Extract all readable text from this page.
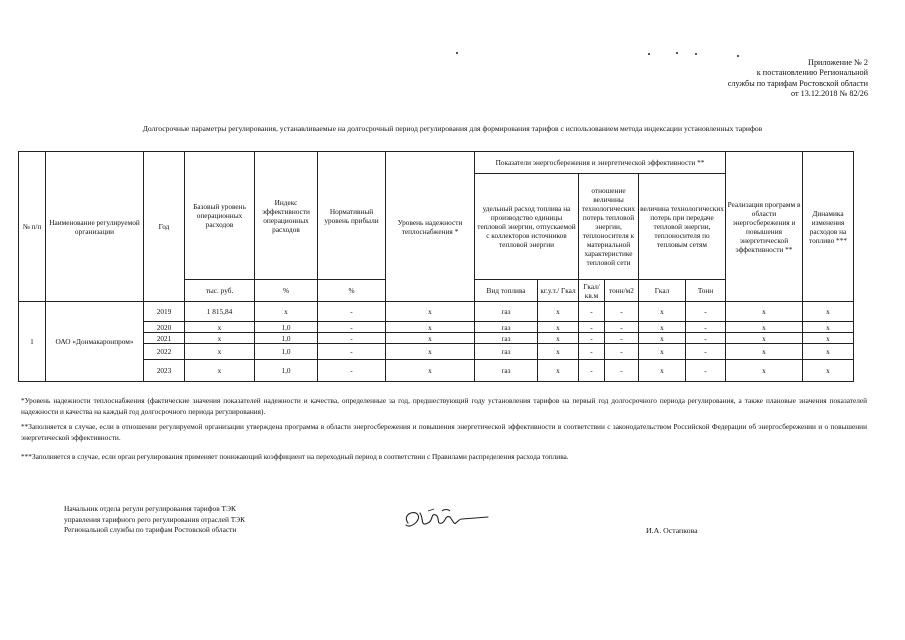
Приложение № 2
к постановлению Региональной
службы по тарифам Ростовской области
от 13.12.2018 № 82/26
Долгосрочные параметры регулирования, устанавливаемые на долгосрочный период регулирования для формирования тарифов с использованием метода индексации установленных тарифов
№ п/п	Наименование регулируемой организации	Год	Базовый уровень операционных расходов	Индекс эффективности операционных расходов	Нормативный уровень прибыли	Уровень надежности теплоснабжения *	Показатели энергосбережения и энергетической эффективности **						Реализация программ в области энергосбережения и повышения энергетической эффективности **	Динамика изменения расходов на топливо ***
							удельный расход топлива на производство единицы тепловой энергии, отпускаемой с коллекторов источников тепловой энергии		отношение величины технологических потерь тепловой энергии, теплоносителя к материальной характеристике тепловой сети		величина технологических потерь при передаче тепловой энергии, теплоносителя по тепловым сетям			
			тыс. руб.	%	%		Вид топлива	кг.у.т./ Гкал	Гкал/ кв.м	тонн/м2	Гкал	Тонн		
1	ОАО «Донмакаронпром»	2019	1 815,84	х	-	х	газ	х	-	-	х	-	х	х
		2020	х	1,0	-	х	газ	х	-	-	х	-	х	х
		2021	х	1,0	-	х	газ	х	-	-	х	-	х	х
		2022	х	1,0	-	х	газ	х	-	-	х	-	х	х
		2023	х	1,0	-	х	газ	х	-	-	х	-	х	х
*Уровень надежности теплоснабжения (фактические значения показателей надежности и качества, определенные за год, предшествующий году установления тарифов на первый год долгосрочного периода регулирования, а также плановые значения показателей надежности и качества на каждый год долгосрочного периода регулирования).
**Заполняется в случае, если в отношении регулируемой организации утверждена программа в области энергосбережения и повышения энергетической эффективности в соответствии с законодательством Российской Федерации об энергосбережении и о повышении энергетической эффективности.
***Заполняется в случае, если орган регулирования применяет понижающий коэффициент на переходный период в соответствии с Правилами распределения расхода топлива.
Начальник отдела регули регулирования тарифов ТЭК
управления тарифного рего регулирования отраслей ТЭК
Региональной службы по тарифам Ростовской области	И.А. Остапкова
